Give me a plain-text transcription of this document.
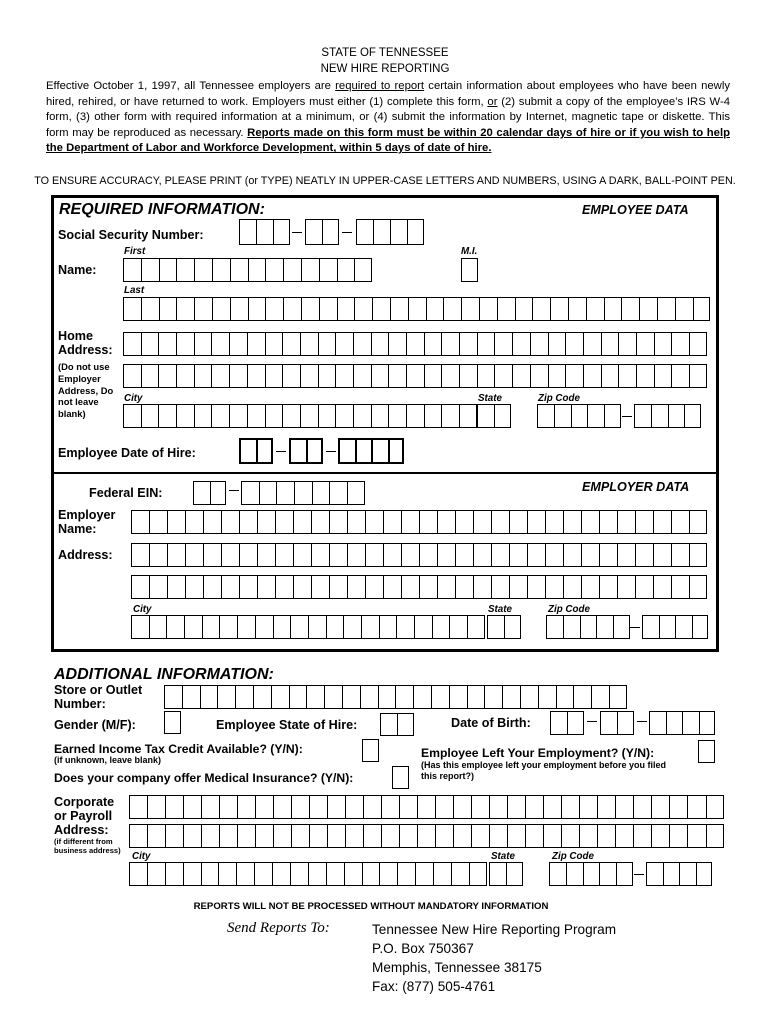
STATE OF TENNESSEE
NEW HIRE REPORTING
Effective October 1, 1997, all Tennessee employers are required to report certain information about employees who have been newly hired, rehired, or have returned to work. Employers must either (1) complete this form, or (2) submit a copy of the employee’s IRS W-4 form, (3) other form with required information at a minimum, or (4) submit the information by Internet, magnetic tape or diskette. This form may be reproduced as necessary. Reports made on this form must be within 20 calendar days of hire or if you wish to help the Department of Labor and Workforce Development, within 5 days of date of hire.
TO ENSURE ACCURACY, PLEASE PRINT (or TYPE) NEATLY IN UPPER-CASE LETTERS AND NUMBERS, USING A DARK, BALL-POINT PEN.
REQUIRED INFORMATION:	EMPLOYEE DATA
Social Security Number:
First	M.I.
Name:
Last
Home Address:
(Do not use Employer Address, Do not leave blank)
City	State	Zip Code
Employee Date of Hire:
EMPLOYER DATA
Federal EIN:
Employer Name:
Address:
City	State	Zip Code
ADDITIONAL INFORMATION:
Store or Outlet Number:
Gender (M/F):	Employee State of Hire:	Date of Birth:
Earned Income Tax Credit Available? (Y/N):
(if unknown, leave blank)	Employee Left Your Employment? (Y/N):
(Has this employee left your employment before you filed this report?)
Does your company offer Medical Insurance? (Y/N):
Corporate or Payroll Address:
(if different from business address)
City	State	Zip Code
REPORTS WILL NOT BE PROCESSED WITHOUT MANDATORY INFORMATION
Send Reports To:	Tennessee New Hire Reporting Program
P.O. Box 750367
Memphis, Tennessee 38175
Fax: (877) 505-4761
